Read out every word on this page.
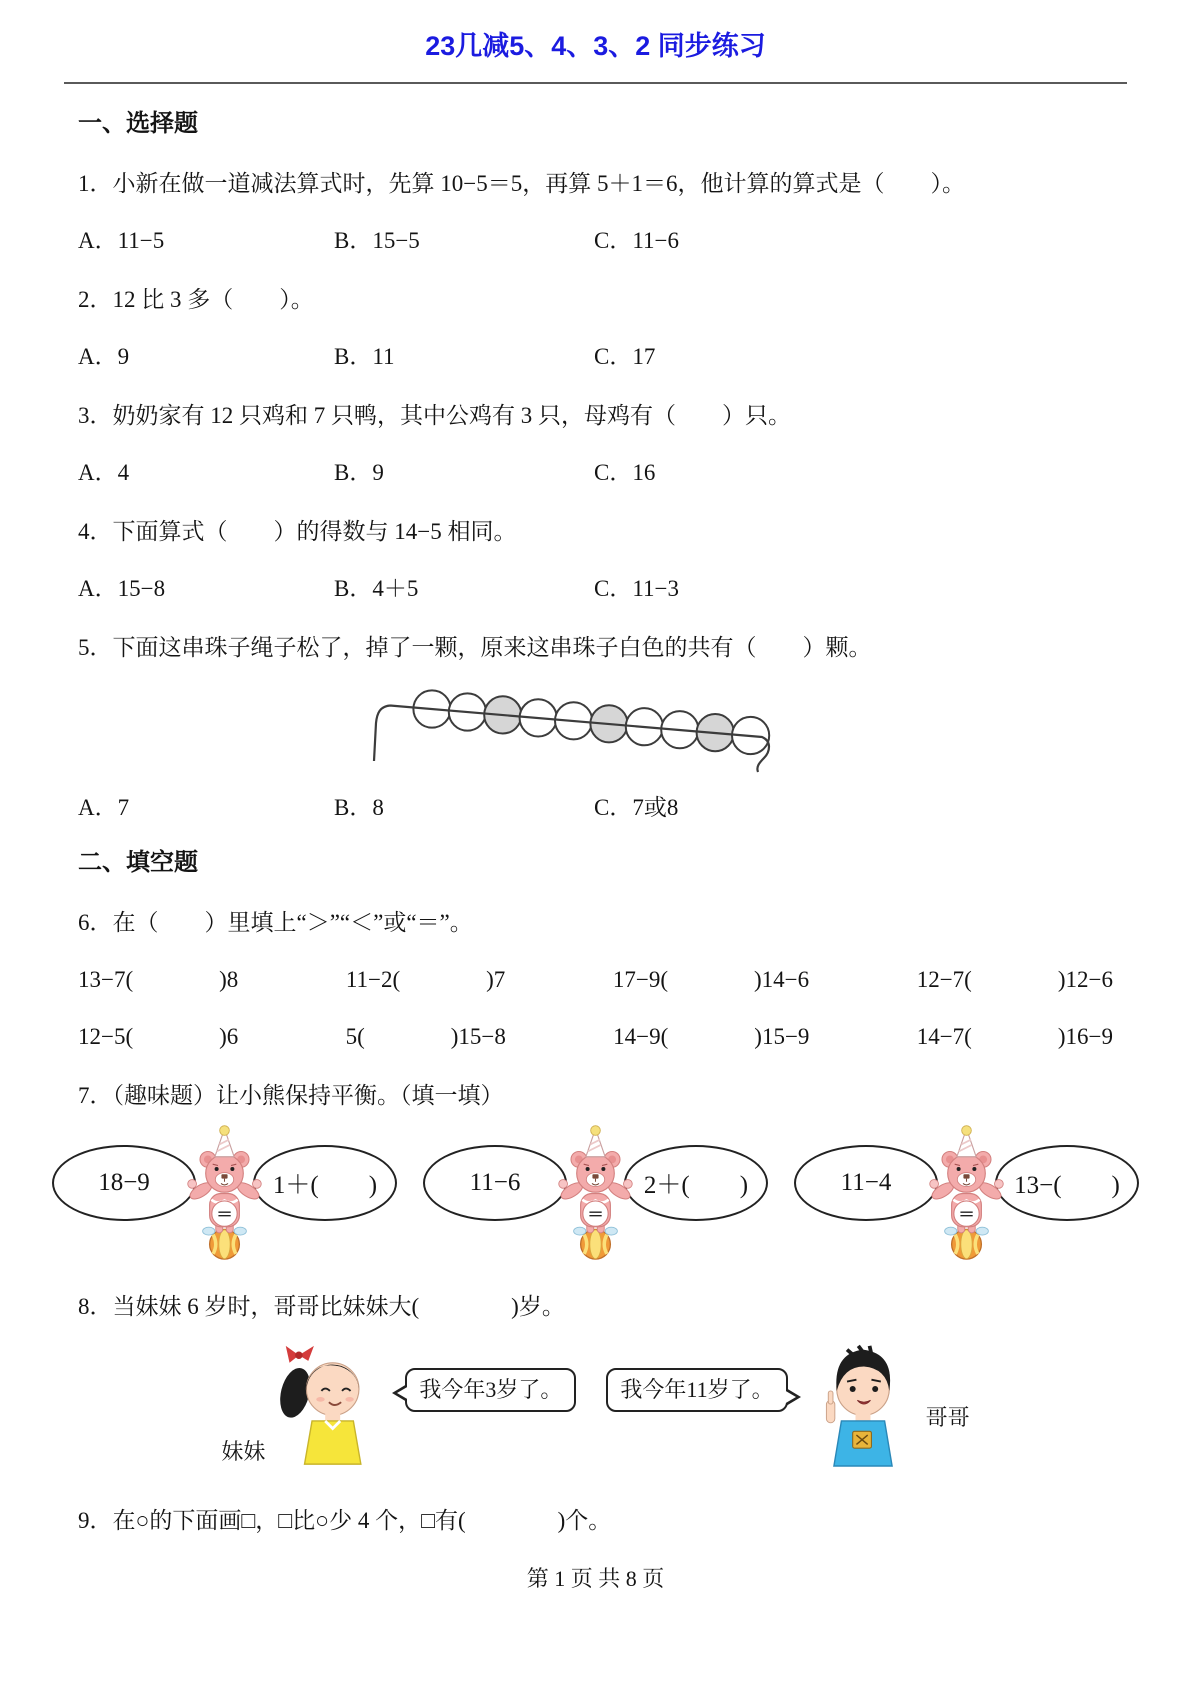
23几减5、4、3、2 同步练习
一、选择题

1．小新在做一道减法算式时，先算 10−5＝5，再算 5＋1＝6，他计算的算式是（　　）。

A．11−5	B．15−5	C．11−6

2．12 比 3 多（　　）。

A．9	B．11	C．17

3．奶奶家有 12 只鸡和 7 只鸭，其中公鸡有 3 只，母鸡有（　　）只。

A．4	B．9	C．16

4．下面算式（　　）的得数与 14−5 相同。

A．15−8	B．4＋5	C．11−3

5．下面这串珠子绳子松了，掉了一颗，原来这串珠子白色的共有（　　）颗。

A．7	B．8	C．7或8
二、填空题

6．在（　　）里填上“＞”“＜”或“＝”。

13−7(	)8	11−2(	)7	17−9(	)14−6	12−7(	)12−6
12−5(	)6	5(	)15−8	14−9(	)15−9	14−7(	)16−9

7．（趣味题）让小熊保持平衡。（填一填）

18−9
＝
1＋(　　)	11−6
＝
2＋(　　)	11−4
＝
13−(　　)

8．当妹妹 6 岁时，哥哥比妹妹大(　　　　)岁。

妹妹
我今年3岁了。	我今年11岁了。
哥哥

9．在○的下面画□，□比○少 4 个，□有(　　　　)个。

第 1 页 共 8 页
